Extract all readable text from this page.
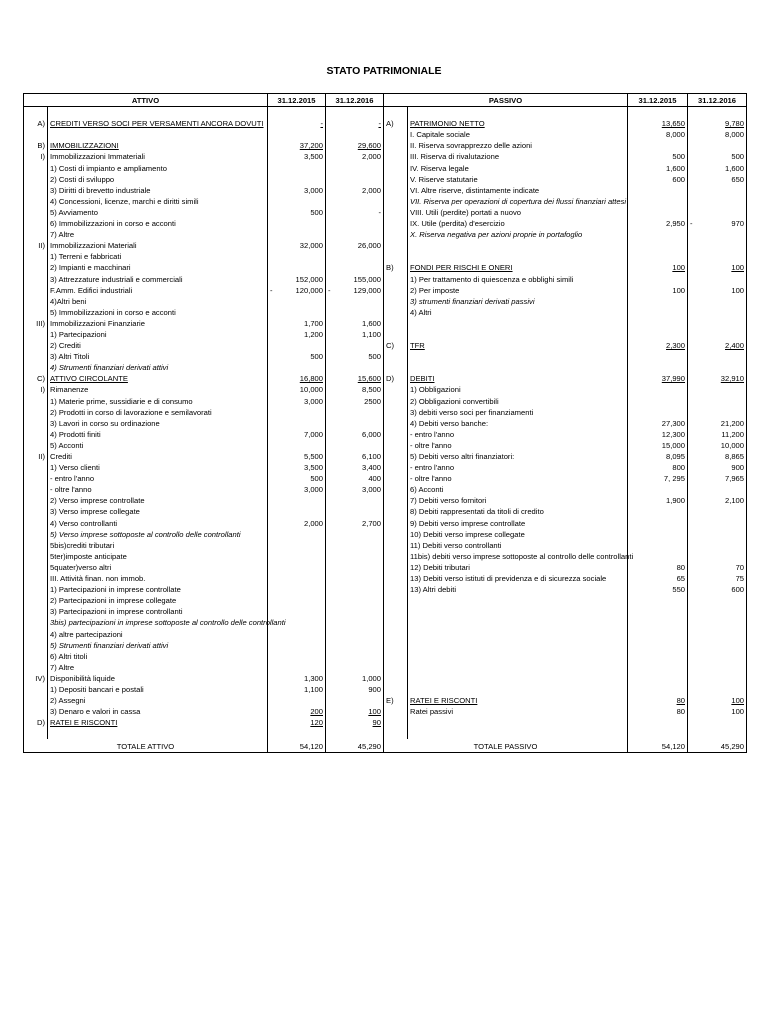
STATO PATRIMONIALE
ATTIVO		31.12.2015	31.12.2016	PASSIVO		31.12.2015	31.12.2016

A)	CREDITI VERSO SOCI PER VERSAMENTI ANCORA DOVUTI	-	-	A)	PATRIMONIO NETTO	13,650	9,780
					I. Capitale sociale	8,000	8,000
B)	IMMOBILIZZAZIONI	37,200	29,600		II. Riserva sovrapprezzo delle azioni		
I)	Immobilizzazioni Immateriali	3,500	2,000		III. Riserva di rivalutazione	500	500
	1) Costi di impianto e ampliamento				IV. Riserva legale	1,600	1,600
	2) Costi di sviluppo				V. Riserve statutarie	600	650
	3) Diritti di brevetto industriale	3,000	2,000		VI. Altre riserve, distintamente indicate		
	4) Concessioni, licenze, marchi e diritti simili				VII. Riserva per operazioni di copertura dei flussi finanziari attesi		
	5) Avviamento	500	-		VIII. Utili (perdite) portati a nuovo		
	6) Immobilizzazioni in corso e acconti				IX. Utile (perdita) d'esercizio	2,950	- 970
	7) Altre				X. Riserva negativa per azioni proprie in portafoglio		
II)	Immobilizzazioni Materiali	32,000	26,000				
	1) Terreni e fabbricati						
	2) Impianti e macchinari			B)	FONDI PER RISCHI E ONERI	100	100
	3) Attrezzature industriali e commerciali	152,000	155,000		1) Per trattamento di quiescenza e obblighi simili		
	F.Amm. Edifici industriali	- 120,000	- 129,000		2) Per imposte	100	100
	4)Altri beni				3) strumenti finanziari derivati passivi		
	5) Immobilizzazioni in corso e acconti				4) Altri		
III)	Immobilizzazioni Finanziarie	1,700	1,600				
	1) Partecipazioni	1,200	1,100				
	2) Crediti			C)	TFR	2,300	2,400
	3) Altri Titoli	500	500				
	4) Strumenti finanziari derivati attivi						
C)	ATTIVO CIRCOLANTE	16,800	15,600	D)	DEBITI	37,990	32,910
I)	Rimanenze	10,000	8,500		1) Obbligazioni		
	1) Materie prime, sussidiarie e di consumo	3,000	2500		2) Obbligazioni convertibili		
	2) Prodotti in corso di lavorazione e semilavorati				3) debiti verso soci per finanziamenti		
	3) Lavori in corso su ordinazione				4) Debiti verso banche:	27,300	21,200
	4) Prodotti finiti	7,000	6,000		- entro l'anno	12,300	11,200
	5) Acconti				- oltre l'anno	15,000	10,000
II)	Crediti	5,500	6,100		5) Debiti verso altri finanziatori:	8,095	8,865
	1) Verso clienti	3,500	3,400		- entro l'anno	800	900
	- entro l'anno	500	400		- oltre l'anno	7, 295	7,965
	- oltre l'anno	3,000	3,000		6) Acconti		
	2) Verso imprese controllate				7) Debiti verso fornitori	1,900	2,100
	3) Verso imprese collegate				8) Debiti rappresentati da titoli di credito		
	4) Verso controllanti	2,000	2,700		9) Debiti verso imprese controllate		
	5) Verso imprese sottoposte al controllo delle controllanti				10) Debiti verso imprese collegate		
	5bis)crediti tributari				11) Debiti verso controllanti		
	5ter)imposte anticipate				11bis) debiti verso imprese sottoposte al controllo delle controllanti		
	5quater)verso altri				12) Debiti tributari	80	70
	III. Attività finan. non immob.				13) Debiti verso istituti di previdenza e di sicurezza sociale	65	75
	1) Partecipazioni in imprese controllate				13) Altri debiti	550	600
	2) Partecipazioni in imprese collegate						
	3) Partecipazioni in imprese controllanti						
	3bis) partecipazioni in imprese sottoposte al controllo delle controllanti						
	4) altre partecipazioni						
	5) Strumenti finanziari derivati attivi						
	6) Altri titoli						
	7) Altre						
IV)	Disponibilità liquide	1,300	1,000				
	1) Depositi bancari e postali	1,100	900				
	2) Assegni			E)	RATEI E RISCONTI	80	100
	3) Denaro e valori in cassa	200	100		Ratei passivi	80	100
D)	RATEI E RISCONTI	120	90				

TOTALE ATTIVO		54,120	45,290	TOTALE PASSIVO		54,120	45,290
